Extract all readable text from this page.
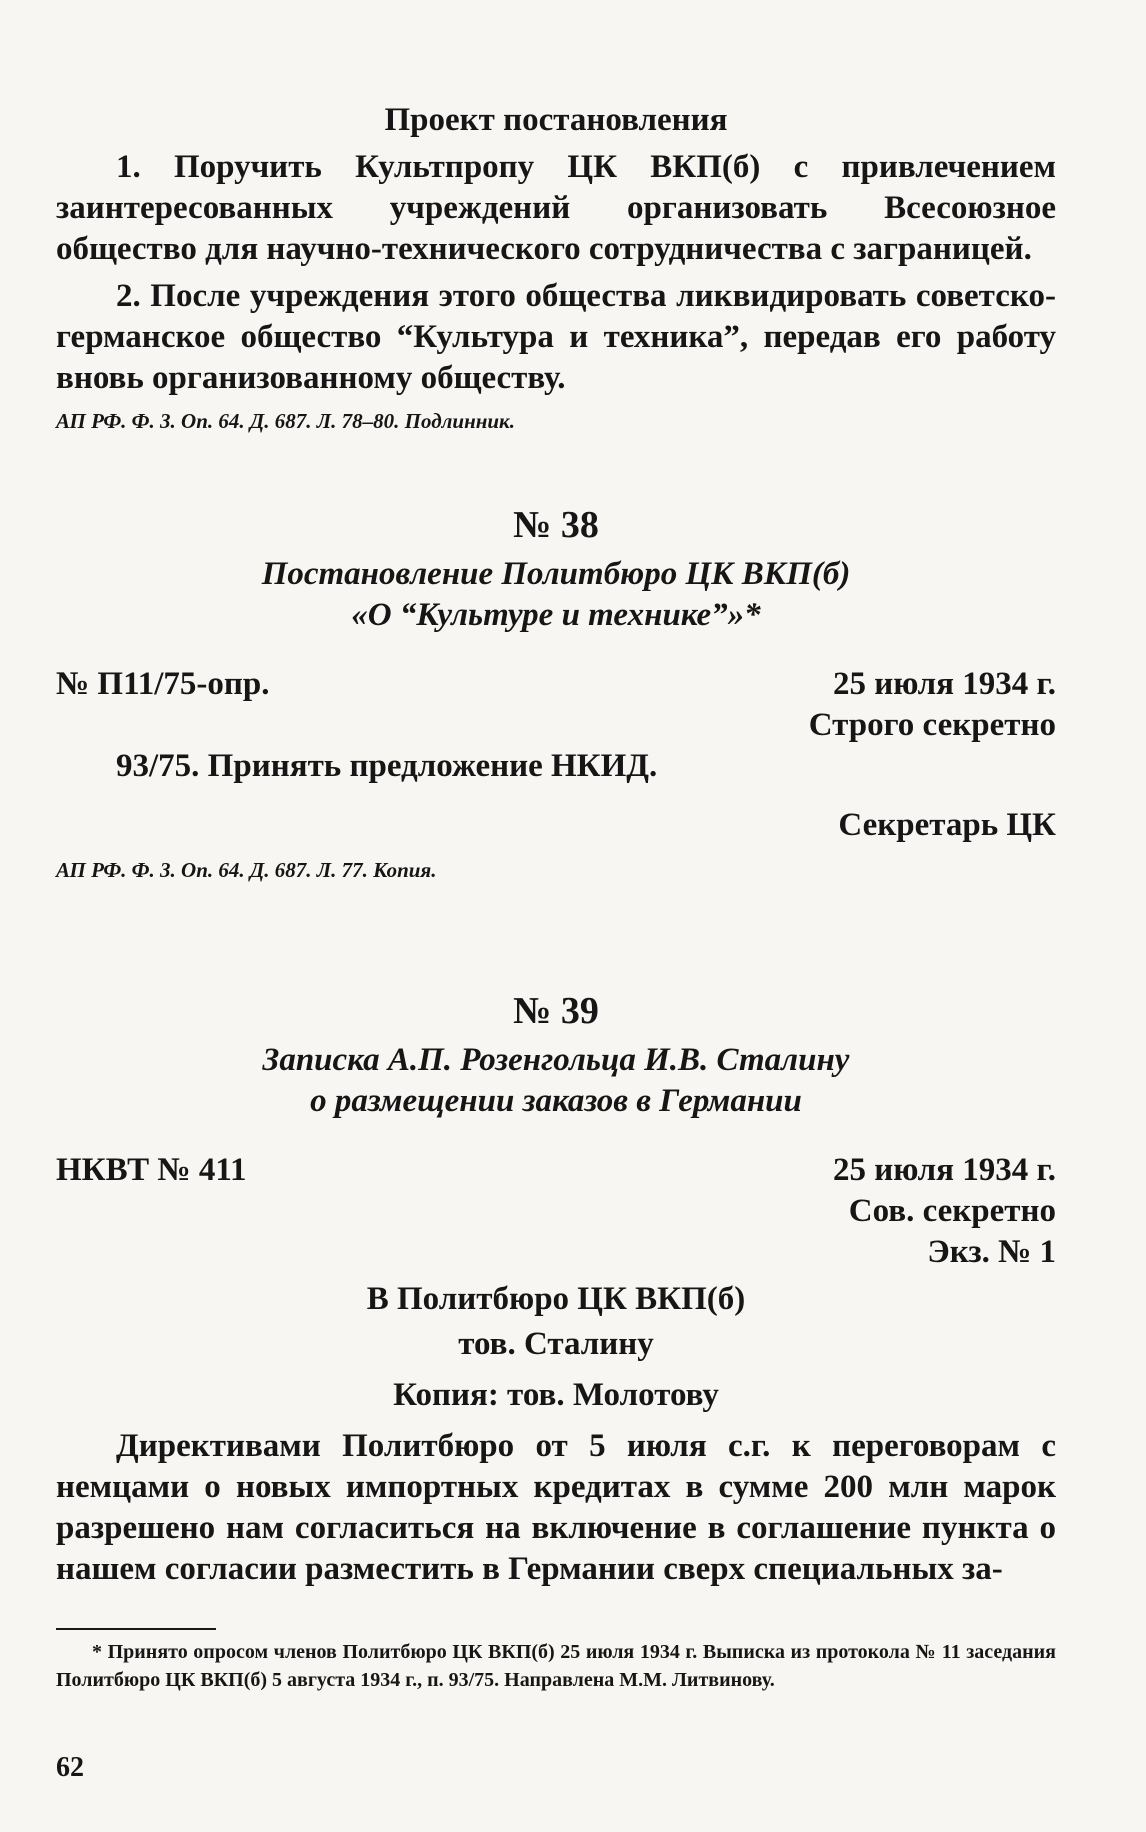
Проект постановления

1. Поручить Культпропу ЦК ВКП(б) с привлечением заинтересованных учреждений организовать Всесоюзное общество для научно-технического сотрудничества с заграницей.

2. После учреждения этого общества ликвидировать советско-германское общество “Культура и техника”, передав его работу вновь организованному обществу.

АП РФ. Ф. 3. Оп. 64. Д. 687. Л. 78–80. Подлинник.

№ 38

Постановление Политбюро ЦК ВКП(б)

«О “Культуре и технике”»*

№ П11/75-опр.	25 июля 1934 г.

Строго секретно

93/75. Принять предложение НКИД.

Секретарь ЦК

АП РФ. Ф. 3. Оп. 64. Д. 687. Л. 77. Копия.

№ 39

Записка А.П. Розенгольца И.В. Сталину

о размещении заказов в Германии

НКВТ № 411	25 июля 1934 г.

Сов. секретно

Экз. № 1

В Политбюро ЦК ВКП(б)

тов. Сталину

Копия: тов. Молотову

Директивами Политбюро от 5 июля с.г. к переговорам с немцами о новых импортных кредитах в сумме 200 млн марок разрешено нам согласиться на включение в соглашение пункта о нашем согласии разместить в Германии сверх специальных за-

* Принято опросом членов Политбюро ЦК ВКП(б) 25 июля 1934 г. Выписка из протокола № 11 заседания Политбюро ЦК ВКП(б) 5 августа 1934 г., п. 93/75. Направлена М.М. Литвинову.

62
